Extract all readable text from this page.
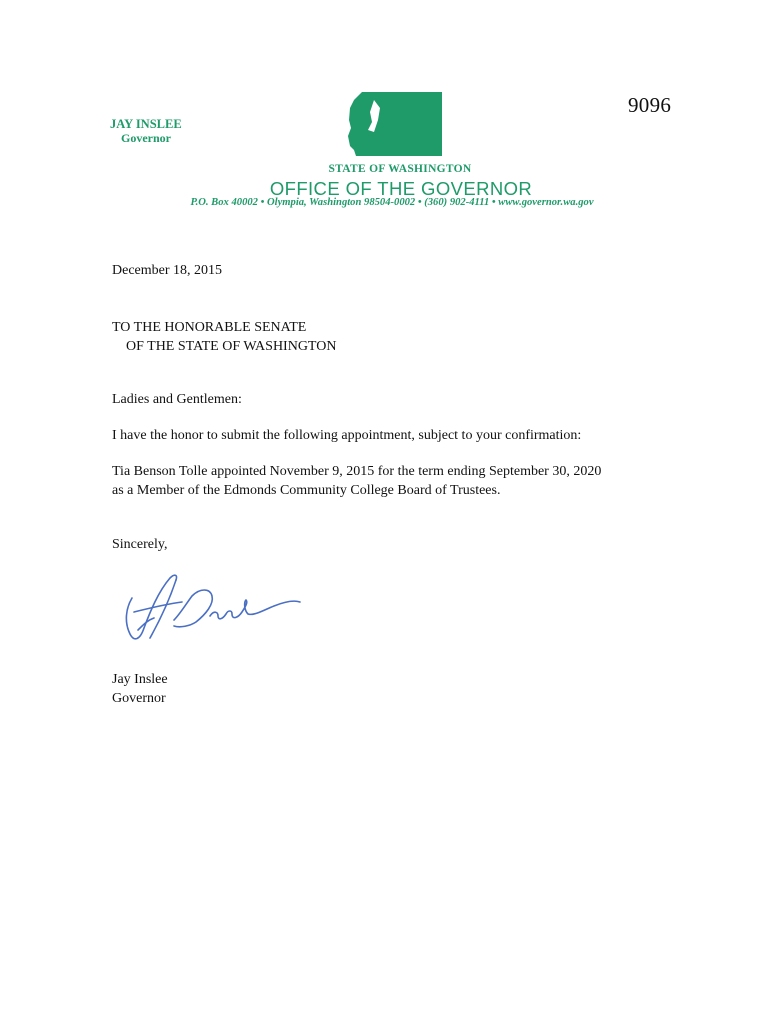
9096
JAY INSLEE
Governor
STATE OF WASHINGTON
OFFICE OF THE GOVERNOR
P.O. Box 40002 • Olympia, Washington 98504-0002 • (360) 902-4111 • www.governor.wa.gov
December 18, 2015
TO THE HONORABLE SENATE
OF THE STATE OF WASHINGTON
Ladies and Gentlemen:
I have the honor to submit the following appointment, subject to your confirmation:
Tia Benson Tolle appointed November 9, 2015 for the term ending September 30, 2020
as a Member of the Edmonds Community College Board of Trustees.
Sincerely,
Jay Inslee
Governor
